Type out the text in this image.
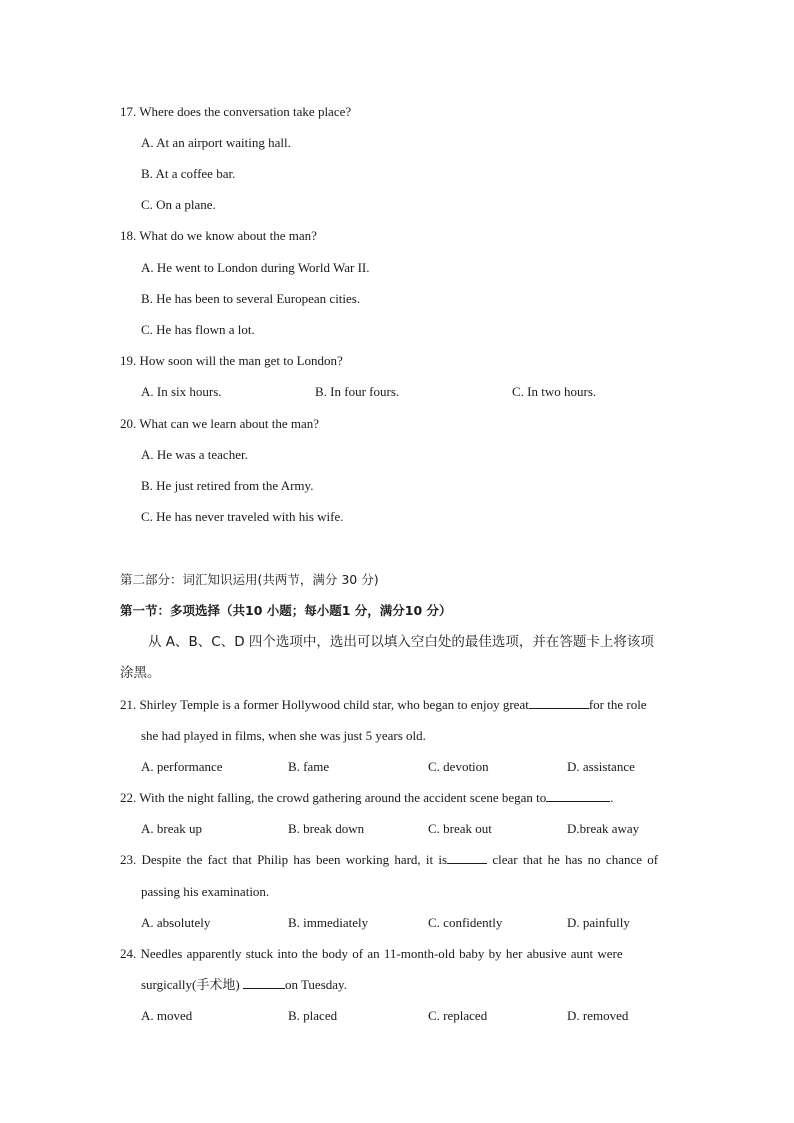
17. Where does the conversation take place?
A. At an airport waiting hall.
B. At a coffee bar.
C. On a plane.
18. What do we know about the man?
A. He went to London during World War II.
B. He has been to several European cities.
C. He has flown a lot.
19. How soon will the man get to London?
A. In six hours.	B. In four fours.	C. In two hours.
20. What can we learn about the man?
A. He was a teacher.
B. He just retired from the Army.
C. He has never traveled with his wife.
第二部分：词汇知识运用(共两节，满分 30 分)
第一节：多项选择（共10 小题；每小题1 分，满分10 分）
从 A、B、C、D 四个选项中，选出可以填入空白处的最佳选项，并在答题卡上将该项
涂黑。
21. Shirley Temple is a former Hollywood child star, who began to enjoy great	for the role
she had played in films, when she was just 5 years old.
A. performance	B. fame	C. devotion	D. assistance
22. With the night falling, the crowd gathering around the accident scene began to	.
A. break up	B. break down	C. break out	D.break away
23. Despite the fact that Philip has been working hard, it is	clear that he has no chance of
passing his examination.
A. absolutely	B. immediately	C. confidently	D. painfully
24. Needles apparently stuck into the body of an 11-month-old baby by her abusive aunt were
surgically(手术地)	on Tuesday.
A. moved	B. placed	C. replaced	D. removed
